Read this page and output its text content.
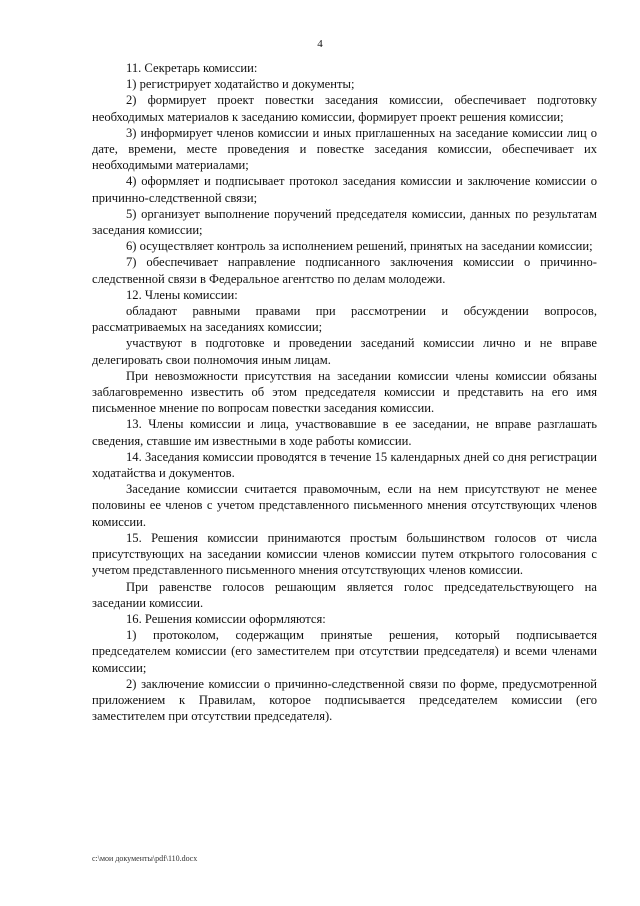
4

11. Секретарь комиссии:

1) регистрирует ходатайство и документы;

2) формирует проект повестки заседания комиссии, обеспечивает подготовку необходимых материалов к заседанию комиссии, формирует проект решения комиссии;

3) информирует членов комиссии и иных приглашенных на заседание комиссии лиц о дате, времени, месте проведения и повестке заседания комиссии, обеспечивает их необходимыми материалами;

4) оформляет и подписывает протокол заседания комиссии и заключение комиссии о причинно-следственной связи;

5) организует выполнение поручений председателя комиссии, данных по результатам заседания комиссии;

6) осуществляет контроль за исполнением решений, принятых на заседании комиссии;

7) обеспечивает направление подписанного заключения комиссии о причинно-следственной связи в Федеральное агентство по делам молодежи.

12. Члены комиссии:

обладают равными правами при рассмотрении и обсуждении вопросов, рассматриваемых на заседаниях комиссии;

участвуют в подготовке и проведении заседаний комиссии лично и не вправе делегировать свои полномочия иным лицам.

При невозможности присутствия на заседании комиссии члены комиссии обязаны заблаговременно известить об этом председателя комиссии и представить на его имя письменное мнение по вопросам повестки заседания комиссии.

13. Члены комиссии и лица, участвовавшие в ее заседании, не вправе разглашать сведения, ставшие им известными в ходе работы комиссии.

14. Заседания комиссии проводятся в течение 15 календарных дней со дня регистрации ходатайства и документов.

Заседание комиссии считается правомочным, если на нем присутствуют не менее половины ее членов с учетом представленного письменного мнения отсутствующих членов комиссии.

15. Решения комиссии принимаются простым большинством голосов от числа присутствующих на заседании комиссии членов комиссии путем открытого голосования с учетом представленного письменного мнения отсутствующих членов комиссии.

При равенстве голосов решающим является голос председательствующего на заседании комиссии.

16. Решения комиссии оформляются:

1) протоколом, содержащим принятые решения, который подписывается председателем комиссии (его заместителем при отсутствии председателя) и всеми членами комиссии;

2) заключение комиссии о причинно-следственной связи по форме, предусмотренной приложением к Правилам, которое подписывается председателем комиссии (его заместителем при отсутствии председателя).

c:\мои документы\pdf\110.docx
